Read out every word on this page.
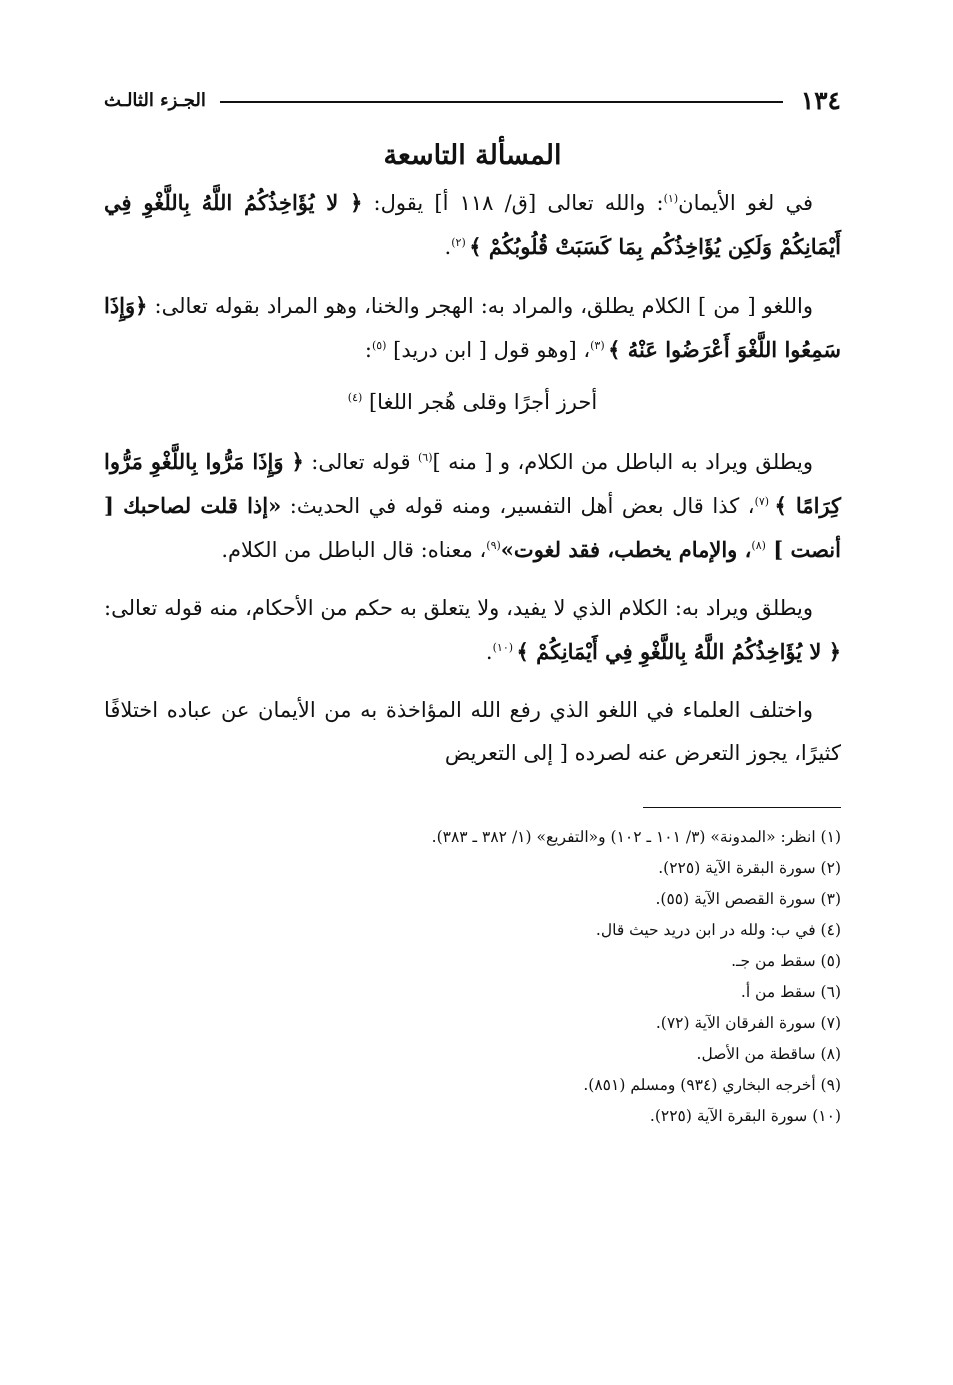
١٣٤
الجـزء الثالـث
المسألة التاسعة

في لغو الأيمان$^{(١)}$: والله تعالى [ق/ ١١٨ أ] يقول: ﴿ لا يُؤَاخِذُكُمُ اللَّهُ بِاللَّغْوِ فِي أَيْمَانِكُمْ وَلَكِن يُؤَاخِذُكُم بِمَا كَسَبَتْ قُلُوبُكُمْ ﴾ $^{(٢)}$.

واللغو [ من ] الكلام يطلق، والمراد به: الهجر والخنا، وهو المراد بقوله تعالى: ﴿وَإِذَا سَمِعُوا اللَّغْوَ أَعْرَضُوا عَنْهُ ﴾ $^{(٣)}$، [وهو قول [ ابن دريد] $^{(٥)}$:

أحرز أجرًا وقلى هُجر اللغا] $^{(٤)}$

ويطلق ويراد به الباطل من الكلام، و [ منه ]$^{(٦)}$ قوله تعالى: ﴿ وَإِذَا مَرُّوا بِاللَّغْوِ مَرُّوا كِرَامًا ﴾ $^{(٧)}$، كذا قال بعض أهل التفسير، ومنه قوله في الحديث: «إذا قلت لصاحبك [ أنصت ] $^{(٨)}$، والإمام يخطب، فقد لغوت»$^{(٩)}$، معناه: قال الباطل من الكلام.

ويطلق ويراد به: الكلام الذي لا يفيد، ولا يتعلق به حكم من الأحكام، منه قوله تعالى: ﴿ لا يُؤَاخِذُكُمُ اللَّهُ بِاللَّغْوِ فِي أَيْمَانِكُمْ ﴾ $^{(١٠)}$.

واختلف العلماء في اللغو الذي رفع الله المؤاخذة به من الأيمان عن عباده اختلافًا كثيرًا، يجوز التعرض عنه لصرده [ إلى التعريض

(١) انظر: «المدونة» (٣/ ١٠١ ـ ١٠٢) و«التفريع» (١/ ٣٨٢ ـ ٣٨٣).
(٢) سورة البقرة الآية (٢٢٥).
(٣) سورة القصص الآية (٥٥).
(٤) في ب: ولله در ابن دريد حيث قال.
(٥) سقط من جـ.
(٦) سقط من أ.
(٧) سورة الفرقان الآية (٧٢).
(٨) ساقطة من الأصل.
(٩) أخرجه البخاري (٩٣٤) ومسلم (٨٥١).
(١٠) سورة البقرة الآية (٢٢٥).
